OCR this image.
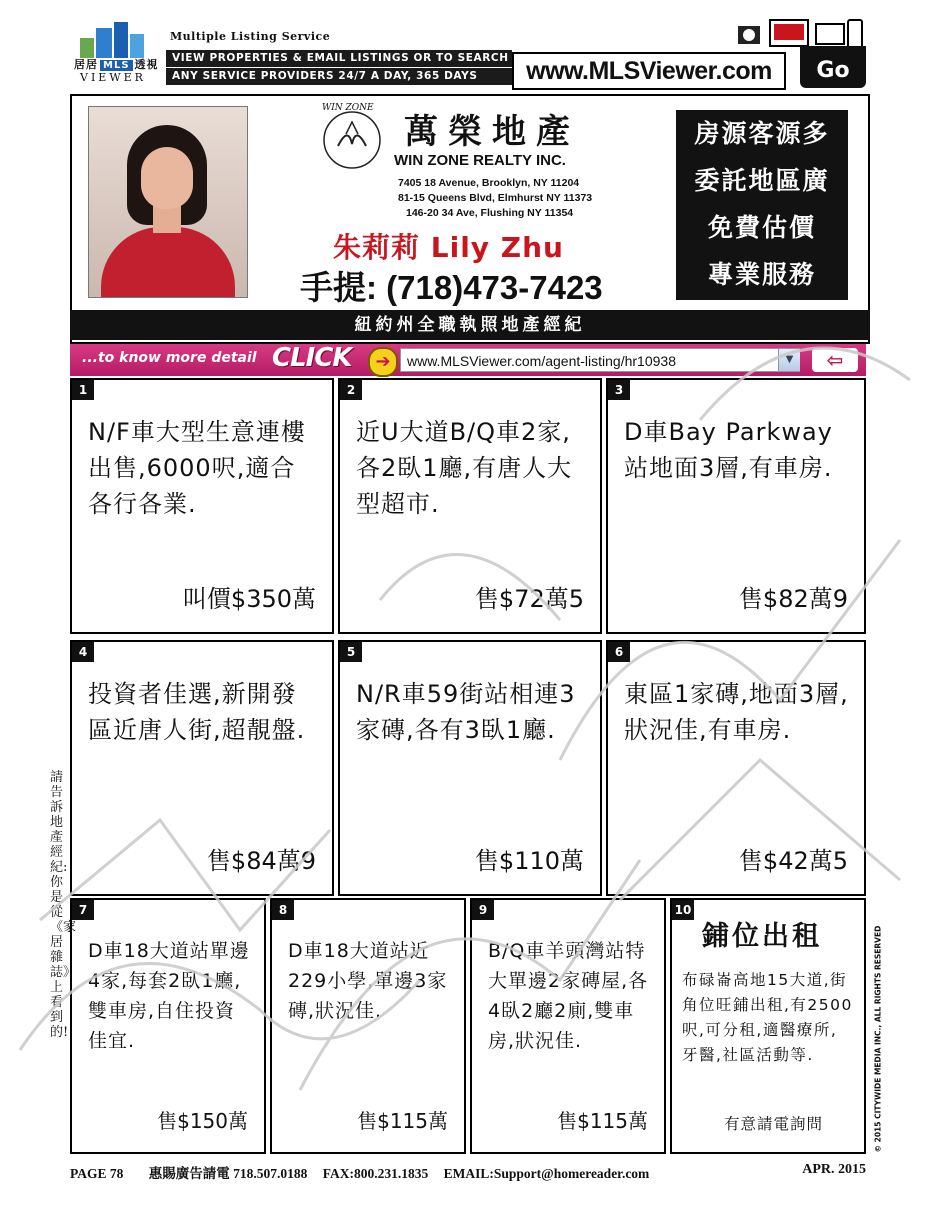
居居 MLS 透視
VIEWER
Multiple Listing Service
VIEW PROPERTIES & EMAIL LISTINGS OR TO SEARCH
ANY SERVICE PROVIDERS 24/7 A DAY, 365 DAYS	www.MLSViewer.com	Go
WIN ZONE
萬榮地產
WIN ZONE REALTY INC.
7405 18 Avenue, Brooklyn, NY 11204
81-15 Queens Blvd, Elmhurst NY 11373
146-20 34 Ave, Flushing NY 11354
朱莉莉 Lily Zhu
手提: (718)473-7423
房源客源多
委託地區廣
免費估價
專業服務
紐約州全職執照地產經紀
...to know more detail CLICK	➔	www.MLSViewer.com/agent-listing/hr10938	▼	⇦
1
N/F車大型生意連樓出售,6000呎,適合各行各業.
叫價$350萬
2
近U大道B/Q車2家,各2臥1廳,有唐人大型超市.
售$72萬5
3
D車Bay Parkway站地面3層,有車房.
售$82萬9
4
投資者佳選,新開發區近唐人街,超靚盤.
售$84萬9
5
N/R車59街站相連3家磚,各有3臥1廳.
售$110萬
6
東區1家磚,地面3層,狀況佳,有車房.
售$42萬5
7
D車18大道站單邊4家,每套2臥1廳,雙車房,自住投資佳宜.
售$150萬
8
D車18大道站近229小學,單邊3家磚,狀況佳.
售$115萬
9
B/Q車羊頭灣站特大單邊2家磚屋,各4臥2廳2廁,雙車房,狀況佳.
售$115萬
10
鋪位出租
布碌崙高地15大道,街角位旺鋪出租,有2500呎,可分租,適醫療所,牙醫,社區活動等.
有意請電詢問
請告訴地產經紀:你是從《家居雜誌》上看到的!	© 2015 CITYWIDE MEDIA INC., ALL RIGHTS RESERVED
PAGE 78 惠賜廣告請電 718.507.0188 FAX:800.231.1835 EMAIL:Support@homereader.com	APR. 2015
